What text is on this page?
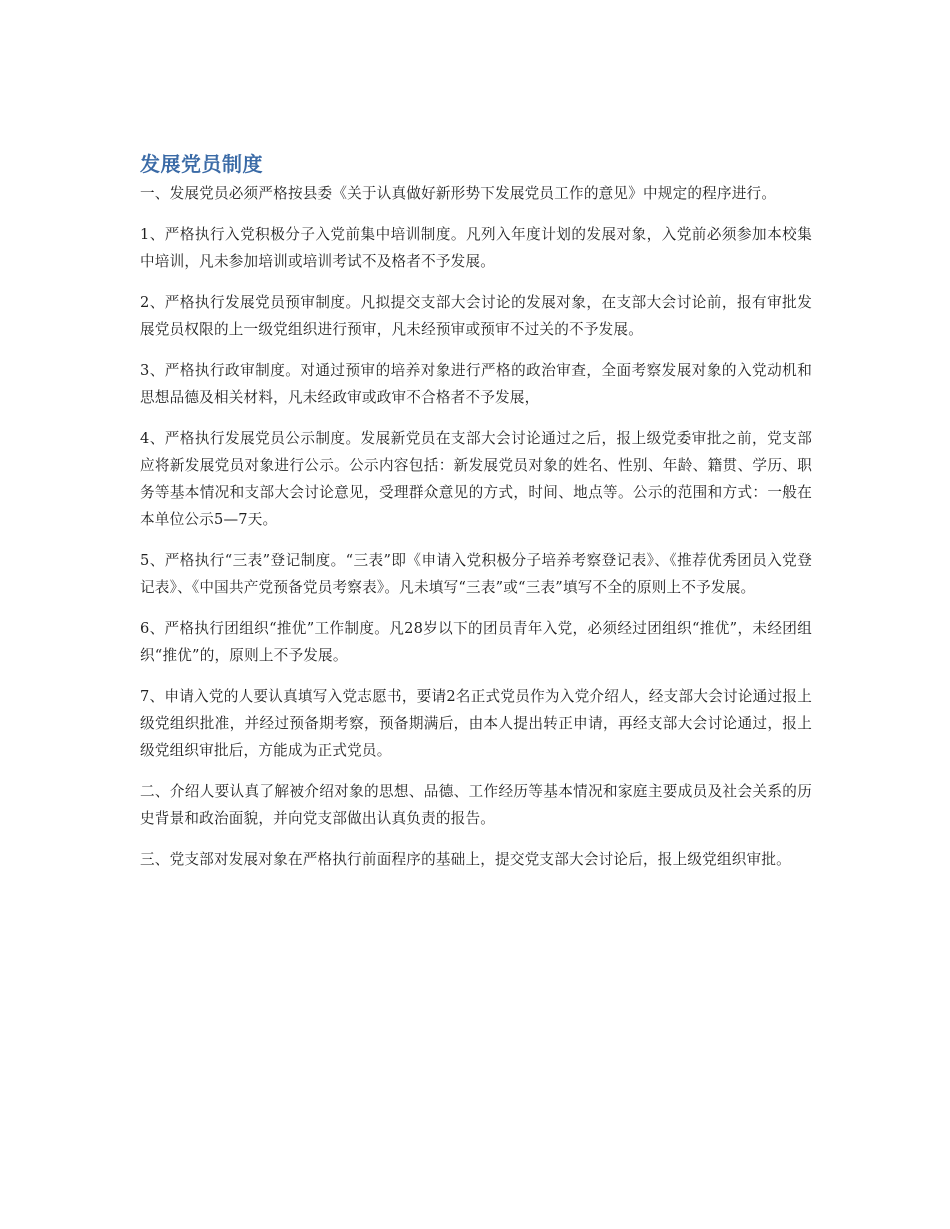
发展党员制度

一、发展党员必须严格按县委《关于认真做好新形势下发展党员工作的意见》中规定的程序进行。

1、严格执行入党积极分子入党前集中培训制度。凡列入年度计划的发展对象，入党前必须参加本校集中培训，凡未参加培训或培训考试不及格者不予发展。

2、严格执行发展党员预审制度。凡拟提交支部大会讨论的发展对象，在支部大会讨论前，报有审批发展党员权限的上一级党组织进行预审，凡未经预审或预审不过关的不予发展。

3、严格执行政审制度。对通过预审的培养对象进行严格的政治审查，全面考察发展对象的入党动机和思想品德及相关材料，凡未经政审或政审不合格者不予发展，

4、严格执行发展党员公示制度。发展新党员在支部大会讨论通过之后，报上级党委审批之前，党支部应将新发展党员对象进行公示。公示内容包括：新发展党员对象的姓名、性别、年龄、籍贯、学历、职务等基本情况和支部大会讨论意见，受理群众意见的方式，时间、地点等。公示的范围和方式：一般在本单位公示5—7天。

5、严格执行“三表”登记制度。“三表”即《申请入党积极分子培养考察登记表》、《推荐优秀团员入党登记表》、《中国共产党预备党员考察表》。凡未填写“三表”或“三表”填写不全的原则上不予发展。

6、严格执行团组织“推优”工作制度。凡28岁以下的团员青年入党，必须经过团组织“推优”，未经团组织“推优”的，原则上不予发展。

7、申请入党的人要认真填写入党志愿书，要请2名正式党员作为入党介绍人，经支部大会讨论通过报上级党组织批准，并经过预备期考察，预备期满后，由本人提出转正申请，再经支部大会讨论通过，报上级党组织审批后，方能成为正式党员。

二、介绍人要认真了解被介绍对象的思想、品德、工作经历等基本情况和家庭主要成员及社会关系的历史背景和政治面貌，并向党支部做出认真负责的报告。

三、党支部对发展对象在严格执行前面程序的基础上，提交党支部大会讨论后，报上级党组织审批。
